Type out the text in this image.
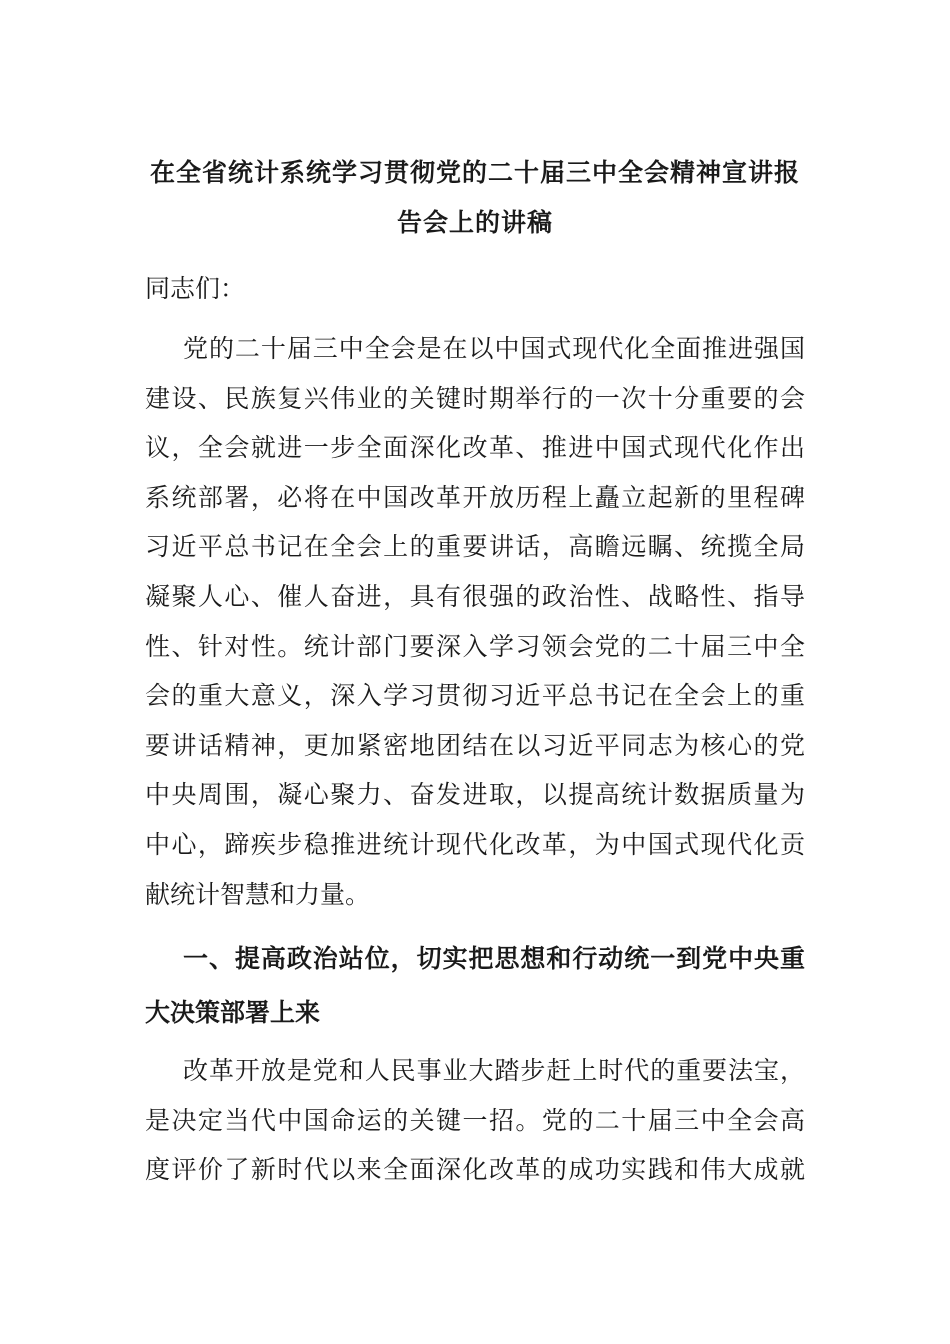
在全省统计系统学习贯彻党的二十届三中全会精神宣讲报
告会上的讲稿
同志们：
党的二十届三中全会是在以中国式现代化全面推进强国
建设、民族复兴伟业的关键时期举行的一次十分重要的会
议，全会就进一步全面深化改革、推进中国式现代化作出
系统部署，必将在中国改革开放历程上矗立起新的里程碑
习近平总书记在全会上的重要讲话，高瞻远瞩、统揽全局
凝聚人心、催人奋进，具有很强的政治性、战略性、指导
性、针对性。统计部门要深入学习领会党的二十届三中全
会的重大意义，深入学习贯彻习近平总书记在全会上的重
要讲话精神，更加紧密地团结在以习近平同志为核心的党
中央周围，凝心聚力、奋发进取，以提高统计数据质量为
中心，蹄疾步稳推进统计现代化改革，为中国式现代化贡
献统计智慧和力量。
一、提高政治站位，切实把思想和行动统一到党中央重
大决策部署上来
改革开放是党和人民事业大踏步赶上时代的重要法宝，
是决定当代中国命运的关键一招。党的二十届三中全会高
度评价了新时代以来全面深化改革的成功实践和伟大成就
